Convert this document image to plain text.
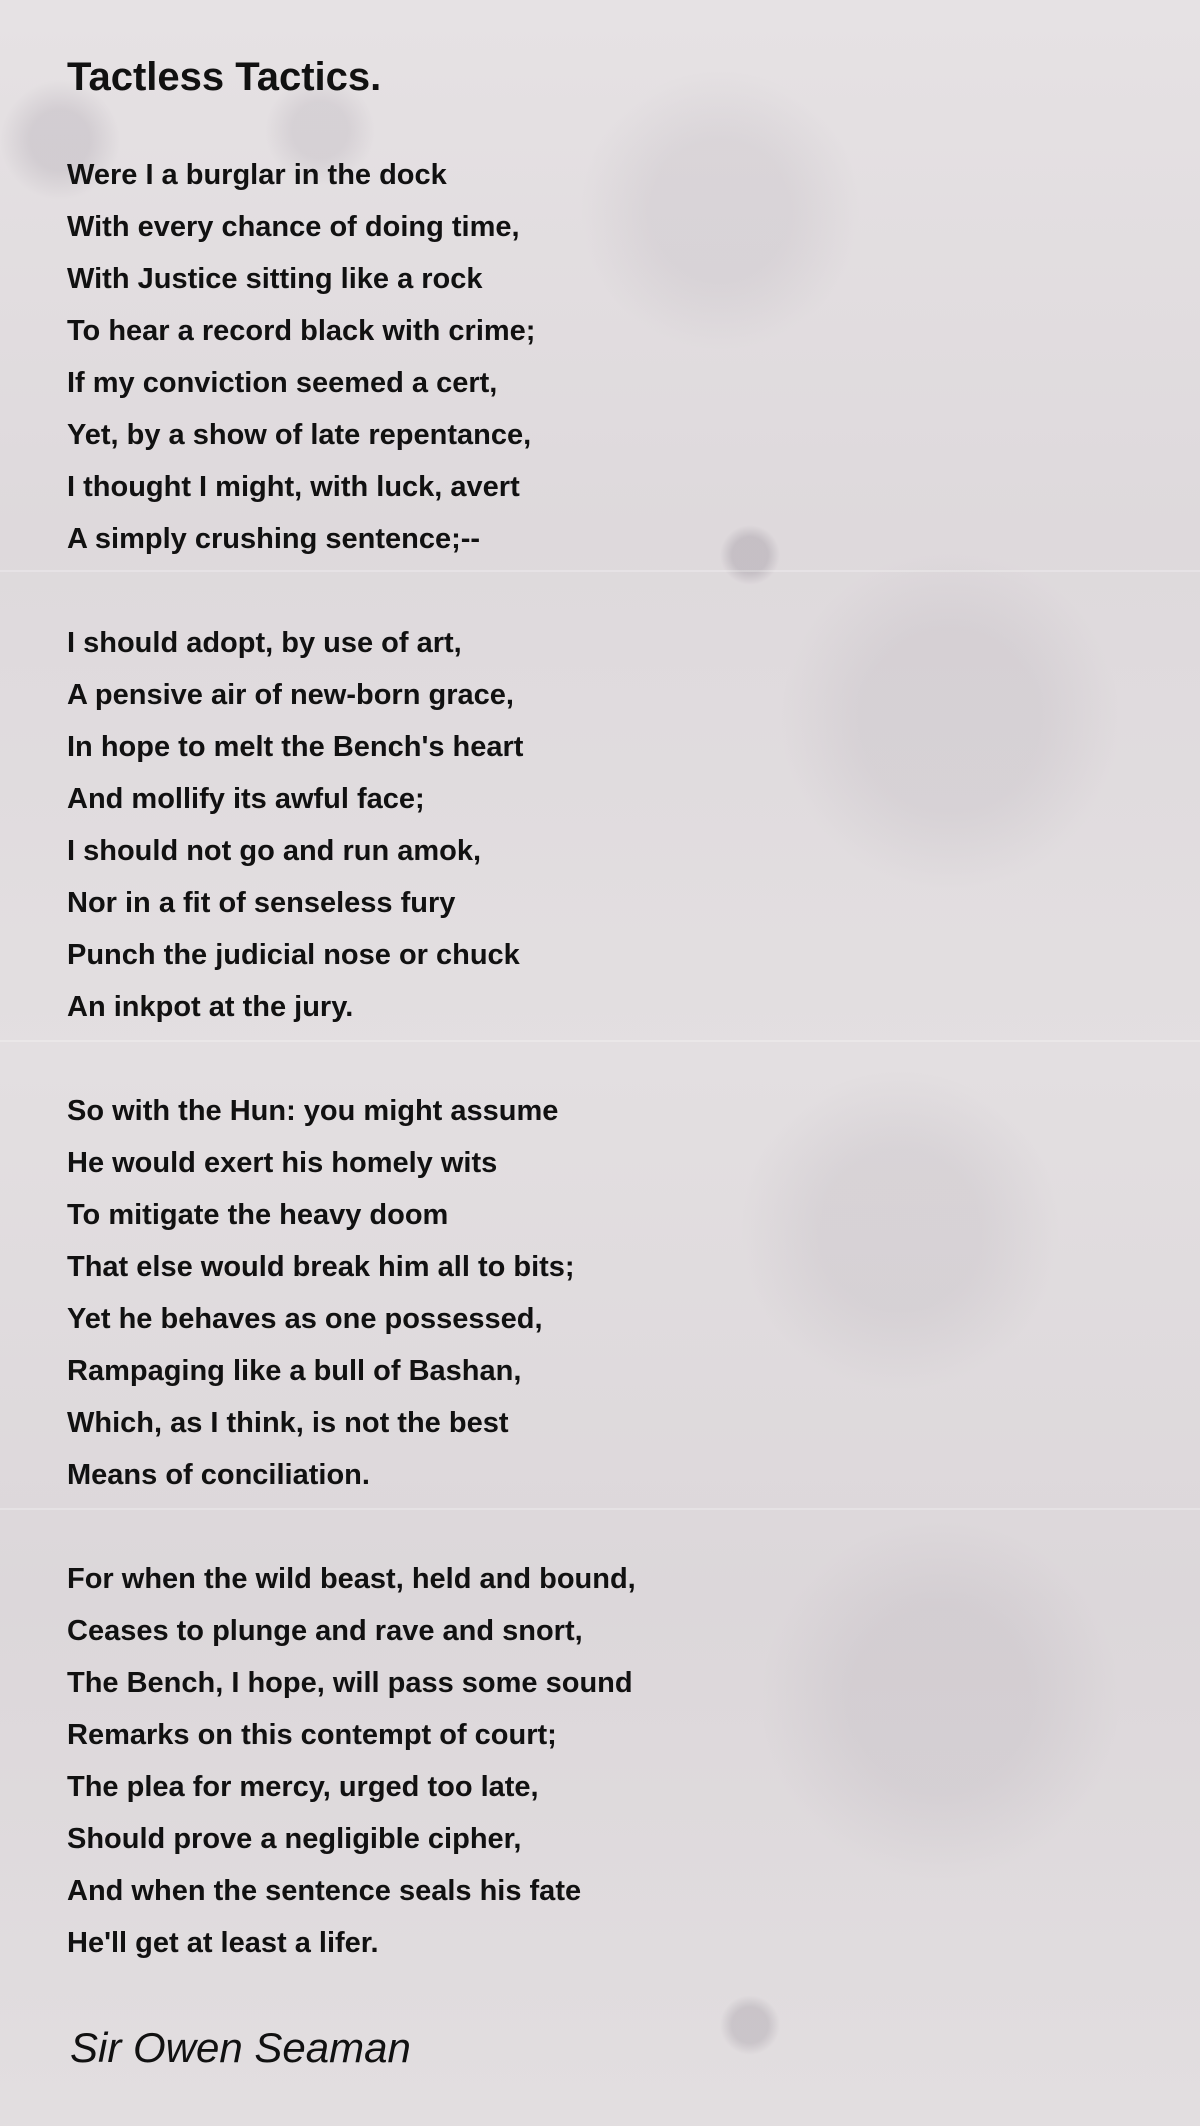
Tactless Tactics.
Were I a burglar in the dock
With every chance of doing time,
With Justice sitting like a rock
To hear a record black with crime;
If my conviction seemed a cert,
Yet, by a show of late repentance,
I thought I might, with luck, avert
A simply crushing sentence;--
I should adopt, by use of art,
A pensive air of new-born grace,
In hope to melt the Bench's heart
And mollify its awful face;
I should not go and run amok,
Nor in a fit of senseless fury
Punch the judicial nose or chuck
An inkpot at the jury.
So with the Hun: you might assume
He would exert his homely wits
To mitigate the heavy doom
That else would break him all to bits;
Yet he behaves as one possessed,
Rampaging like a bull of Bashan,
Which, as I think, is not the best
Means of conciliation.
For when the wild beast, held and bound,
Ceases to plunge and rave and snort,
The Bench, I hope, will pass some sound
Remarks on this contempt of court;
The plea for mercy, urged too late,
Should prove a negligible cipher,
And when the sentence seals his fate
He'll get at least a lifer.
Sir Owen Seaman
